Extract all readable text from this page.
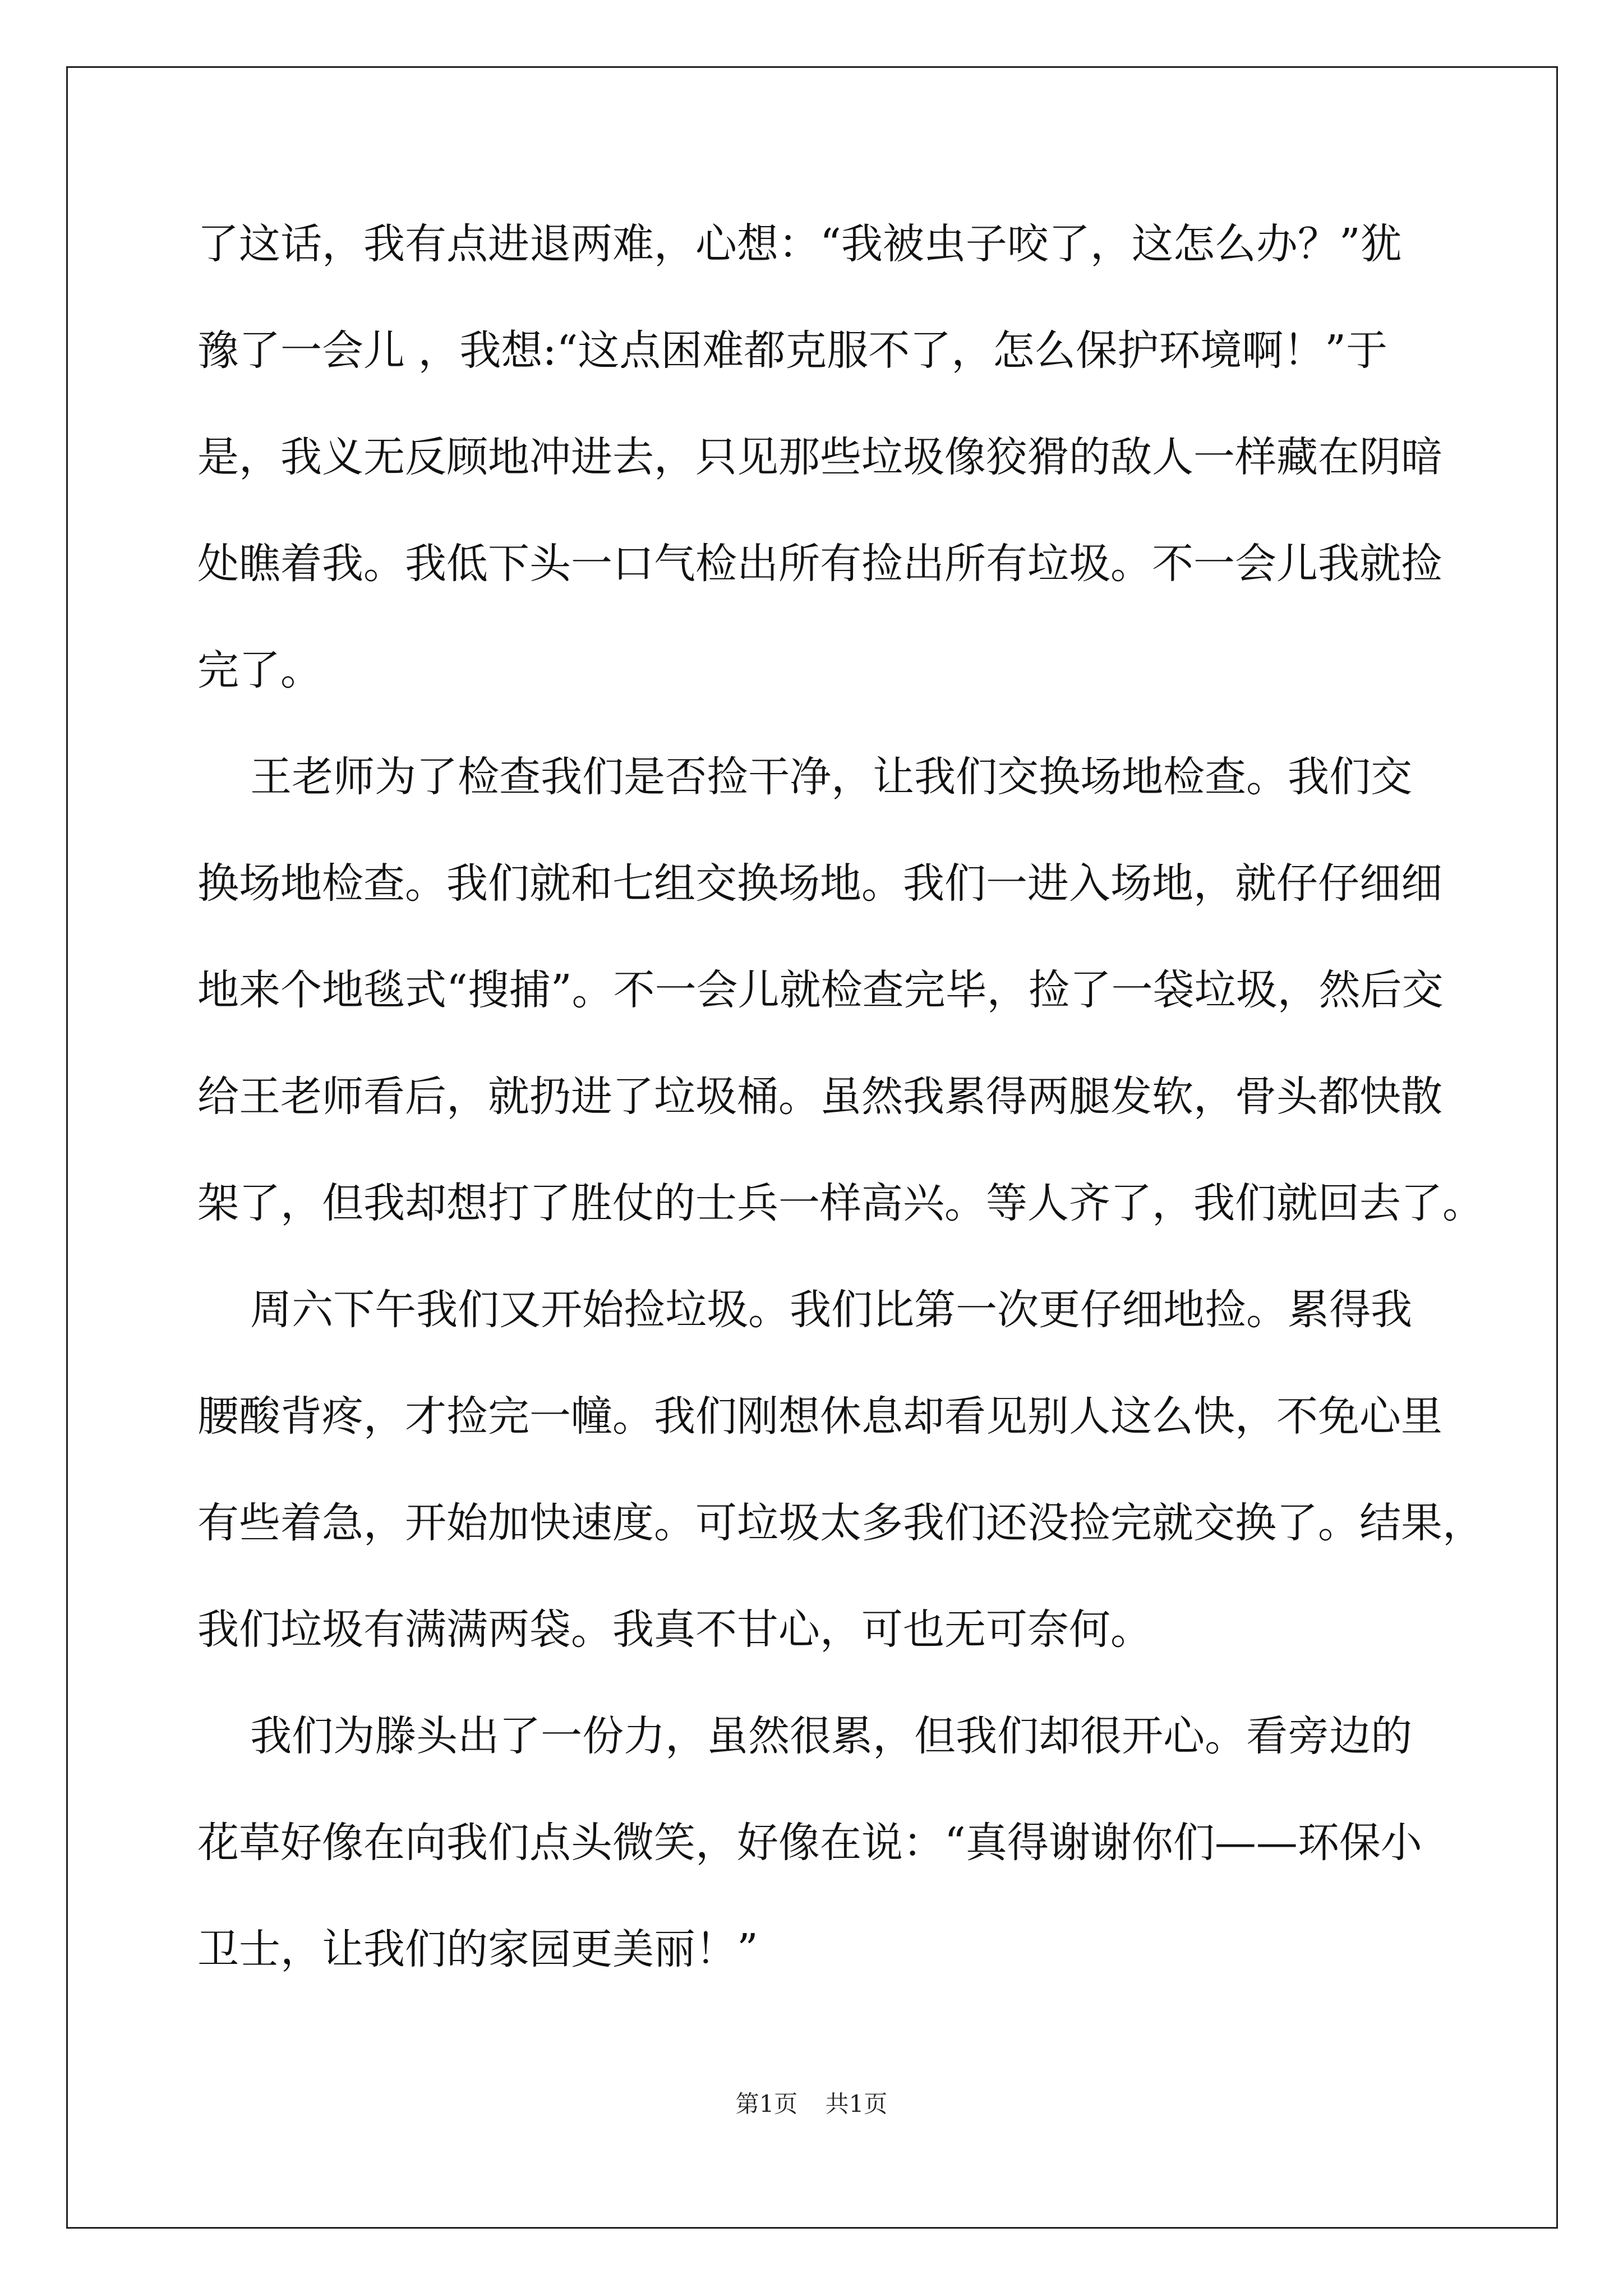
了这话，我有点进退两难，心想：“我被虫子咬了，这怎么办？”犹
豫了一会儿 ，我想:“这点困难都克服不了，怎么保护环境啊！”于
是，我义无反顾地冲进去，只见那些垃圾像狡猾的敌人一样藏在阴暗
处瞧着我。我低下头一口气检出所有捡出所有垃圾。不一会儿我就捡
完了。
王老师为了检查我们是否捡干净，让我们交换场地检查。我们交
换场地检查。我们就和七组交换场地。我们一进入场地，就仔仔细细
地来个地毯式“搜捕”。不一会儿就检查完毕，捡了一袋垃圾，然后交
给王老师看后，就扔进了垃圾桶。虽然我累得两腿发软，骨头都快散
架了，但我却想打了胜仗的士兵一样高兴。等人齐了，我们就回去了。
周六下午我们又开始捡垃圾。我们比第一次更仔细地捡。累得我
腰酸背疼，才捡完一幢。我们刚想休息却看见别人这么快，不免心里
有些着急，开始加快速度。可垃圾太多我们还没捡完就交换了。结果，
我们垃圾有满满两袋。我真不甘心，可也无可奈何。
我们为滕头出了一份力，虽然很累，但我们却很开心。看旁边的
花草好像在向我们点头微笑，好像在说：“真得谢谢你们——环保小
卫士，让我们的家园更美丽！”
第1页 共1页
